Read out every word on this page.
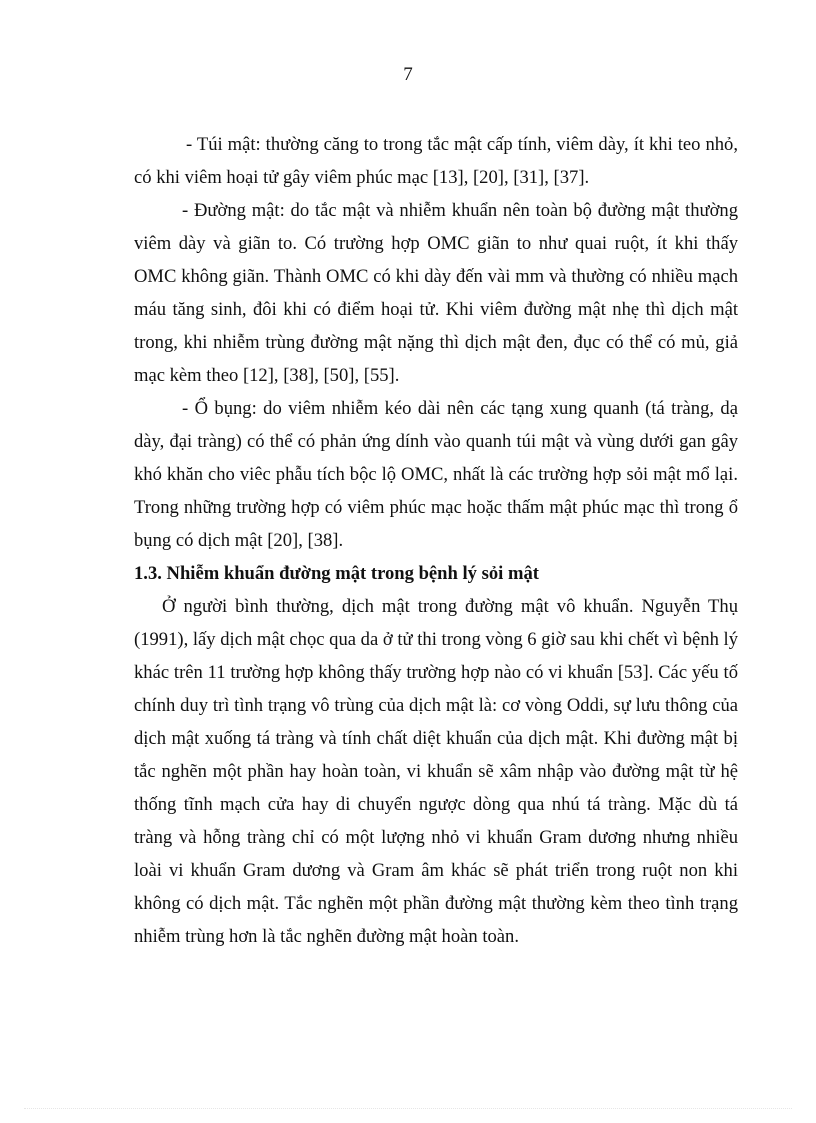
7

- Túi mật: thường căng to trong tắc mật cấp tính, viêm dày, ít khi teo nhỏ, có khi viêm hoại tử gây viêm phúc mạc [13], [20], [31], [37].

- Đường mật: do tắc mật và nhiễm khuẩn nên toàn bộ đường mật thường viêm dày và giãn to. Có trường hợp OMC giãn to như quai ruột, ít khi thấy OMC không giãn. Thành OMC có khi dày đến vài mm và thường có nhiều mạch máu tăng sinh, đôi khi có điểm hoại tử. Khi viêm đường mật nhẹ thì dịch mật trong, khi nhiễm trùng đường mật nặng thì dịch mật đen, đục có thể có mủ, giả mạc kèm theo [12], [38], [50], [55].

- Ổ bụng: do viêm nhiễm kéo dài nên các tạng xung quanh (tá tràng, dạ dày, đại tràng) có thể có phản ứng dính vào quanh túi mật và vùng dưới gan gây khó khăn cho viêc phẫu tích bộc lộ OMC, nhất là các trường hợp sỏi mật mổ lại. Trong những trường hợp có viêm phúc mạc hoặc thấm mật phúc mạc thì trong ổ bụng có dịch mật [20], [38].

1.3. Nhiễm khuẩn đường mật trong bệnh lý sỏi mật

Ở người bình thường, dịch mật trong đường mật vô khuẩn. Nguyễn Thụ (1991), lấy dịch mật chọc qua da ở tử thi trong vòng 6 giờ sau khi chết vì bệnh lý khác trên 11 trường hợp không thấy trường hợp nào có vi khuẩn [53]. Các yếu tố chính duy trì tình trạng vô trùng của dịch mật là: cơ vòng Oddi, sự lưu thông của dịch mật xuống tá tràng và tính chất diệt khuẩn của dịch mật. Khi đường mật bị tắc nghẽn một phần hay hoàn toàn, vi khuẩn sẽ xâm nhập vào đường mật từ hệ thống tĩnh mạch cửa hay di chuyển ngược dòng qua nhú tá tràng. Mặc dù tá tràng và hỗng tràng chỉ có một lượng nhỏ vi khuẩn Gram dương nhưng nhiều loài vi khuẩn Gram dương và Gram âm khác sẽ phát triển trong ruột non khi không có dịch mật. Tắc nghẽn một phần đường mật thường kèm theo tình trạng nhiễm trùng hơn là tắc nghẽn đường mật hoàn toàn.
